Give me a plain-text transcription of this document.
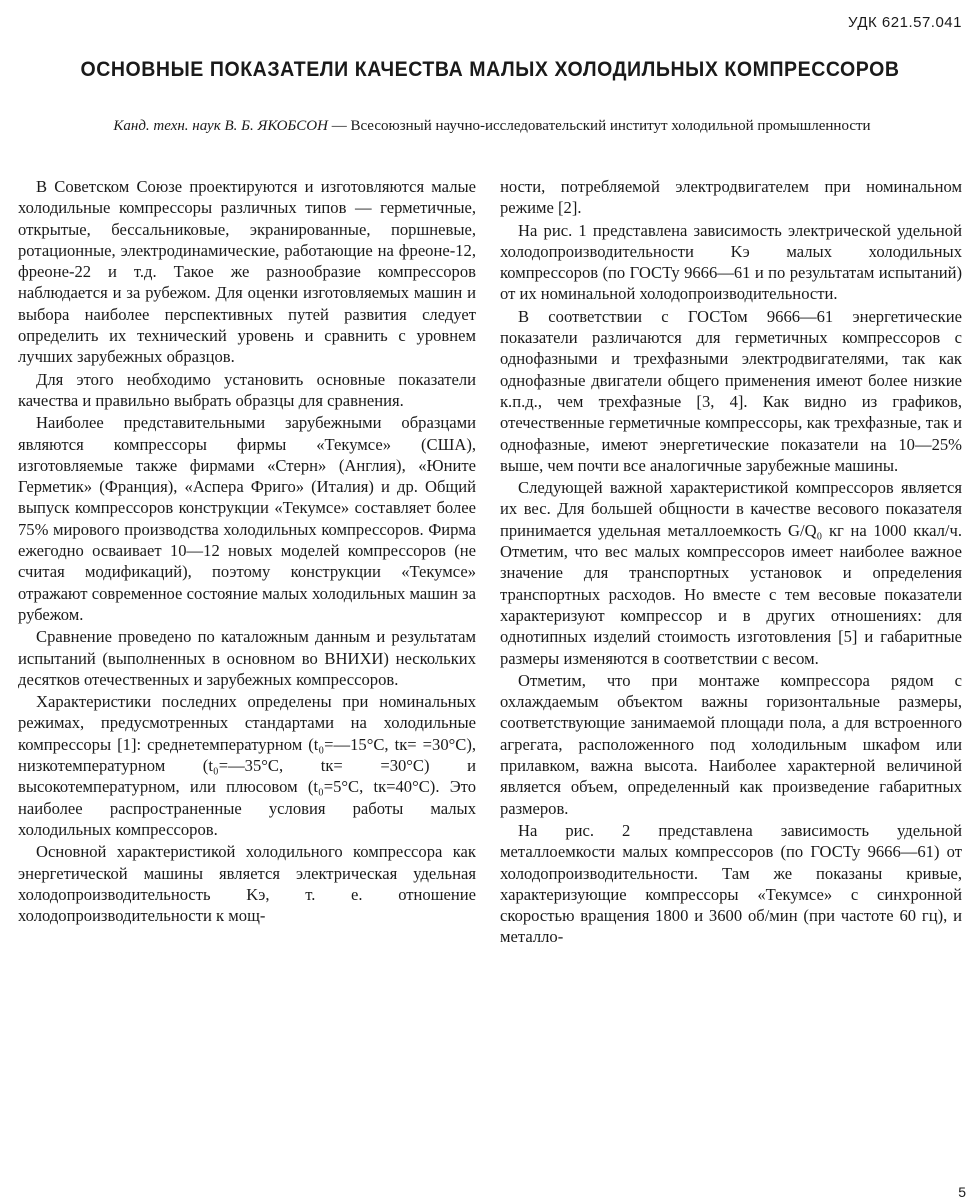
УДК 621.57.041
ОСНОВНЫЕ ПОКАЗАТЕЛИ КАЧЕСТВА МАЛЫХ ХОЛОДИЛЬНЫХ КОМПРЕССОРОВ
Канд. техн. наук В. Б. ЯКОБСОН — Всесоюзный научно-исследовательский институт холодильной промышленности

В Советском Союзе проектируются и изготовляются малые холодильные компрессоры различных типов — герметичные, открытые, бессальниковые, экранированные, поршневые, ротационные, электродинамические, работающие на фреоне-12, фреоне-22 и т.д. Такое же разнообразие компрессоров наблюдается и за рубежом. Для оценки изготовляемых машин и выбора наиболее перспективных путей развития следует определить их технический уровень и сравнить с уровнем лучших зарубежных образцов.

Для этого необходимо установить основные показатели качества и правильно выбрать образцы для сравнения.

Наиболее представительными зарубежными образцами являются компрессоры фирмы «Текумсе» (США), изготовляемые также фирмами «Стерн» (Англия), «Юните Герметик» (Франция), «Аспера Фриго» (Италия) и др. Общий выпуск компрессоров конструкции «Текумсе» составляет более 75% мирового производства холодильных компрессоров. Фирма ежегодно осваивает 10—12 новых моделей компрессоров (не считая модификаций), поэтому конструкции «Текумсе» отражают современное состояние малых холодильных машин за рубежом.

Сравнение проведено по каталожным данным и результатам испытаний (выполненных в основном во ВНИХИ) нескольких десятков отечественных и зарубежных компрессоров.

Характеристики последних определены при номинальных режимах, предусмотренных стандартами на холодильные компрессоры [1]: среднетемпературном (t₀=—15°C, tк= =30°C), низкотемпературном (t₀=—35°C, tк= =30°C) и высокотемпературном, или плюсовом (t₀=5°C, tк=40°C). Это наиболее распространенные условия работы малых холодильных компрессоров.

Основной характеристикой холодильного компрессора как энергетической машины является электрическая удельная холодопроизводительность Kэ, т. е. отношение холодопроизводительности к мощ-

ности, потребляемой электродвигателем при номинальном режиме [2].

На рис. 1 представлена зависимость электрической удельной холодопроизводительности Kэ малых холодильных компрессоров (по ГОСТу 9666—61 и по результатам испытаний) от их номинальной холодопроизводительности.

В соответствии с ГОСТом 9666—61 энергетические показатели различаются для герметичных компрессоров с однофазными и трехфазными электродвигателями, так как однофазные двигатели общего применения имеют более низкие к.п.д., чем трехфазные [3, 4]. Как видно из графиков, отечественные герметичные компрессоры, как трехфазные, так и однофазные, имеют энергетические показатели на 10—25% выше, чем почти все аналогичные зарубежные машины.

Следующей важной характеристикой компрессоров является их вес. Для большей общности в качестве весового показателя принимается удельная металлоемкость G/Q₀ кг на 1000 ккал/ч. Отметим, что вес малых компрессоров имеет наиболее важное значение для транспортных установок и определения транспортных расходов. Но вместе с тем весовые показатели характеризуют компрессор и в других отношениях: для однотипных изделий стоимость изготовления [5] и габаритные размеры изменяются в соответствии с весом.

Отметим, что при монтаже компрессора рядом с охлаждаемым объектом важны горизонтальные размеры, соответствующие занимаемой площади пола, а для встроенного агрегата, расположенного под холодильным шкафом или прилавком, важна высота. Наиболее характерной величиной является объем, определенный как произведение габаритных размеров.

На рис. 2 представлена зависимость удельной металлоемкости малых компрессоров (по ГОСТу 9666—61) от холодопроизводительности. Там же показаны кривые, характеризующие компрессоры «Текумсе» с синхронной скоростью вращения 1800 и 3600 об/мин (при частоте 60 гц), и металло-

5
